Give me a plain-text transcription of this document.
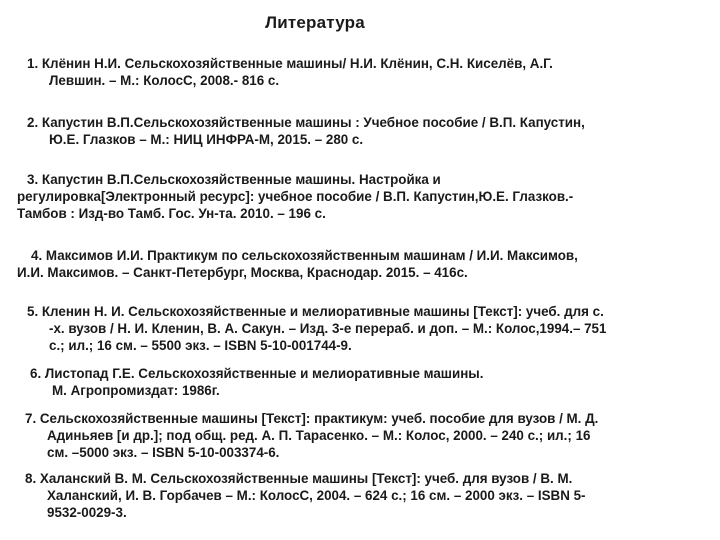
Литература
1. Клёнин Н.И. Сельскохозяйственные машины/ Н.И. Клёнин, С.Н. Киселёв, А.Г.
Левшин. – М.: КолосС, 2008.- 816 с.
2. Капустин В.П.Сельскохозяйственные машины : Учебное пособие / В.П. Капустин,
Ю.Е. Глазков – М.: НИЦ ИНФРА-М, 2015. – 280 с.
3. Капустин В.П.Сельскохозяйственные машины. Настройка и
регулировка[Электронный ресурс]: учебное пособие / В.П. Капустин,Ю.Е. Глазков.-
Тамбов : Изд-во Тамб. Гос. Ун-та. 2010. – 196 с.
4. Максимов И.И. Практикум по сельскохозяйственным машинам / И.И. Максимов,
И.И. Максимов. – Санкт-Петербург, Москва, Краснодар. 2015. – 416с.
5. Кленин Н. И. Сельскохозяйственные и мелиоративные машины [Текст]: учеб. для с.
-х. вузов / Н. И. Кленин, В. А. Сакун. – Изд. 3-е перераб. и доп. – М.: Колос,1994.– 751
с.; ил.; 16 см. – 5500 экз. – ISBN 5-10-001744-9.
6. Листопад Г.Е. Сельскохозяйственные и мелиоративные машины.
М. Агропромиздат: 1986г.
7. Сельскохозяйственные машины [Текст]: практикум: учеб. пособие для вузов / М. Д.
Адиньяев [и др.]; под общ. ред. А. П. Тарасенко. – М.: Колос, 2000. – 240 с.; ил.; 16
см. –5000 экз. – ISBN 5-10-003374-6.
8. Халанский В. М. Сельскохозяйственные машины [Текст]: учеб. для вузов / В. М.
Халанский, И. В. Горбачев – М.: КолосС, 2004. – 624 с.; 16 см. – 2000 экз. – ISBN 5-
9532-0029-3.
